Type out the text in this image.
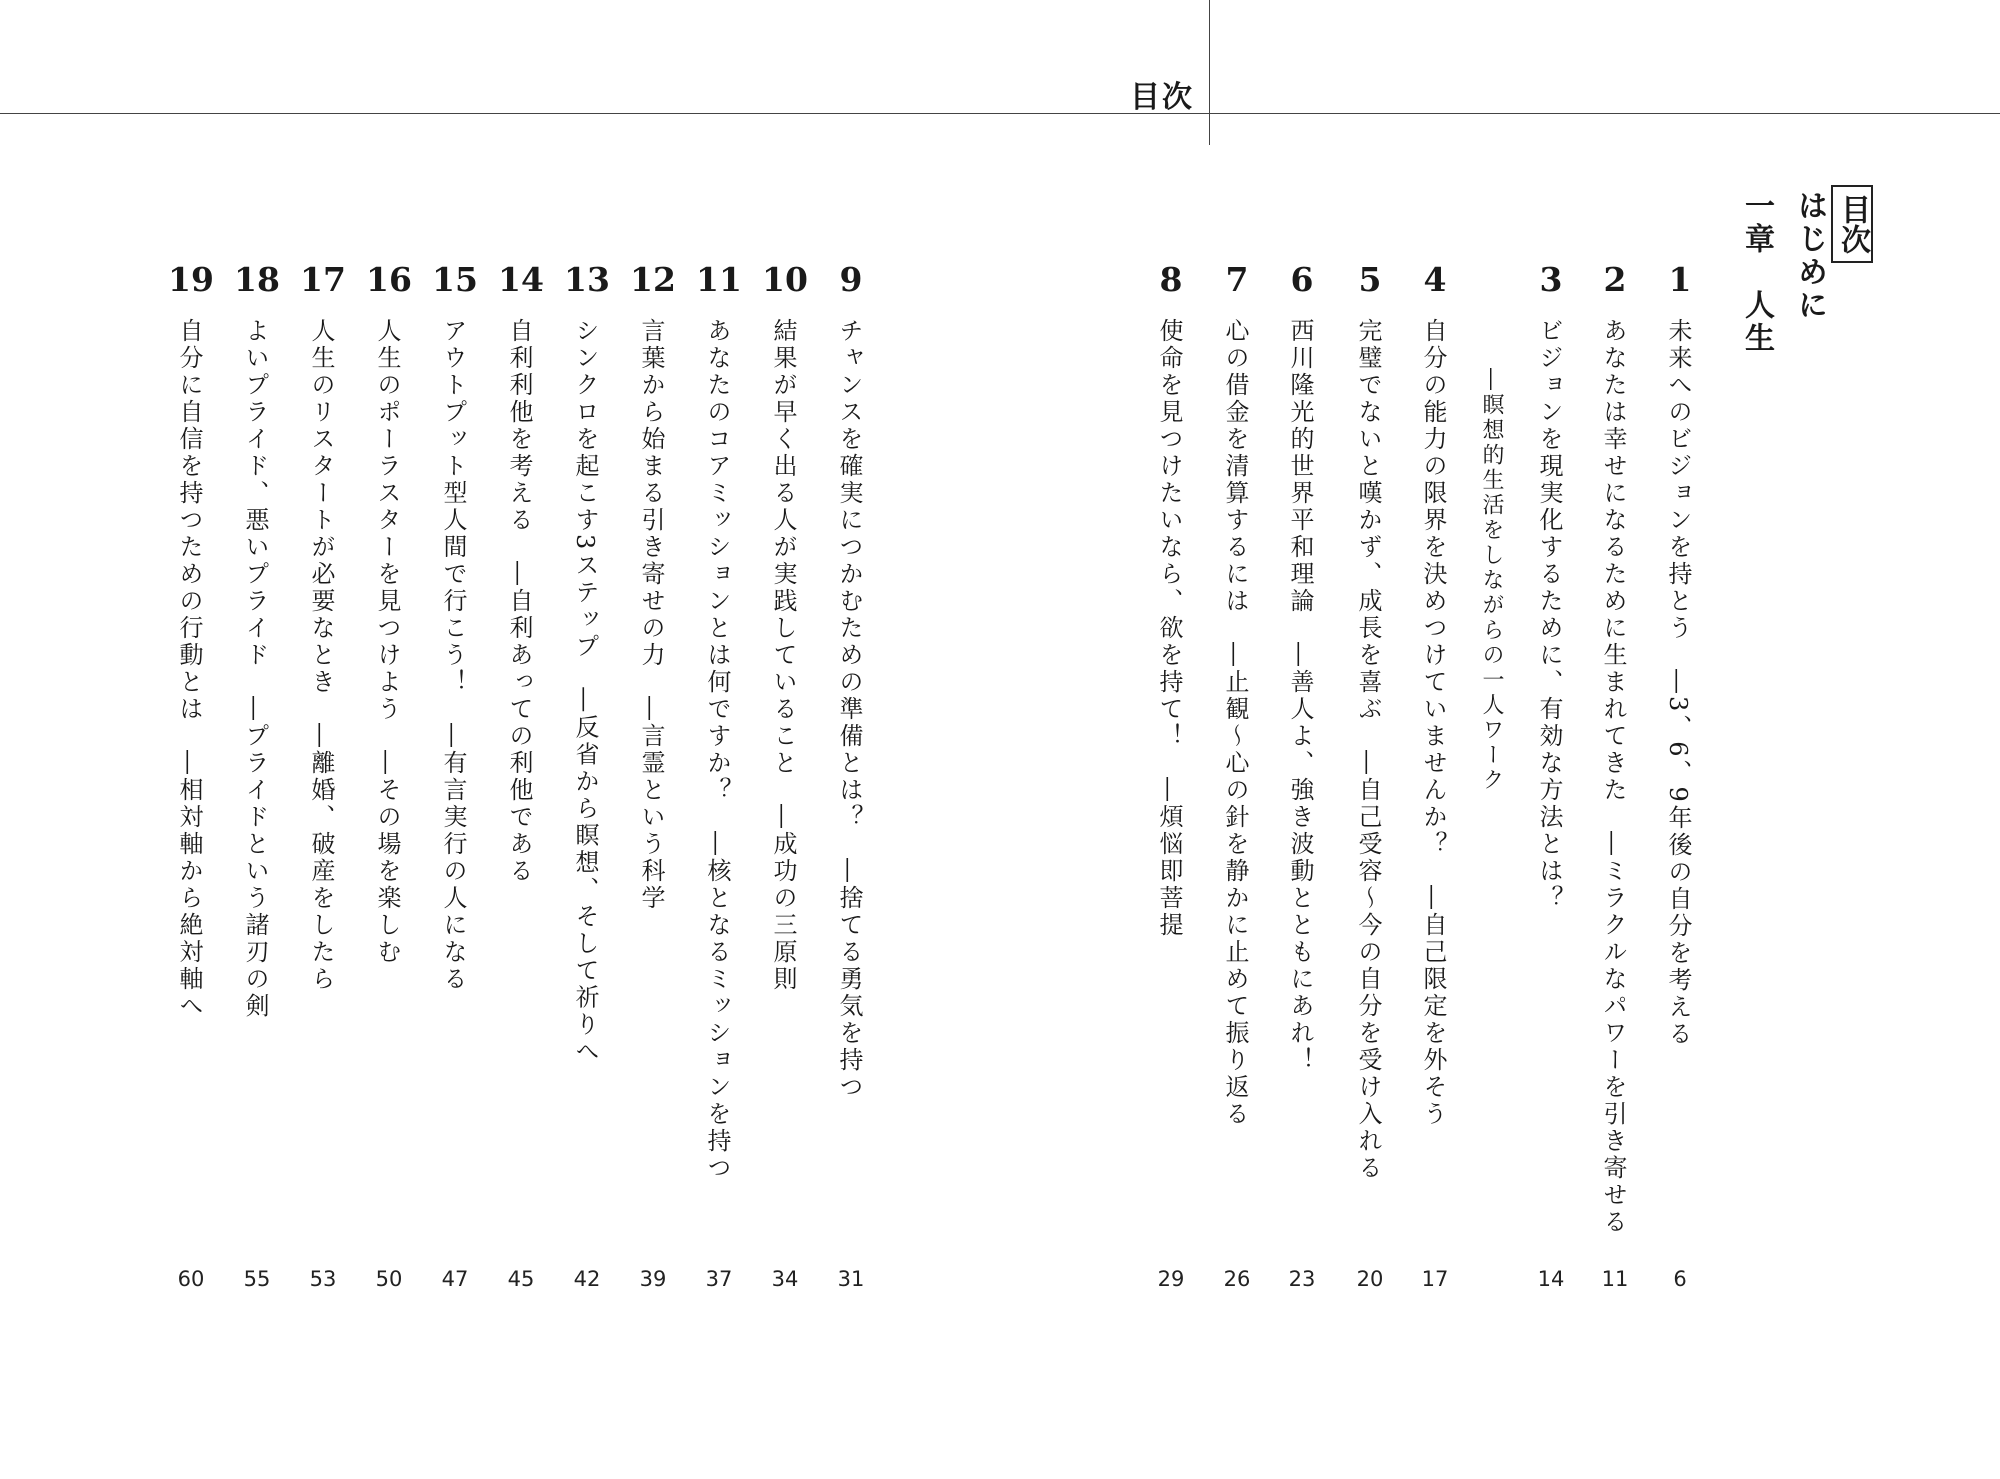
目次
目次
はじめに
一章　人生
1
未来へのビジョンを持とう　―3、6、9年後の自分を考える
6
2
あなたは幸せになるために生まれてきた　―ミラクルなパワーを引き寄せる
11
3
ビジョンを現実化するために、有効な方法とは？
―瞑想的生活をしながらの一人ワーク
14
4
自分の能力の限界を決めつけていませんか？　―自己限定を外そう
17
5
完璧でないと嘆かず、成長を喜ぶ　―自己受容～今の自分を受け入れる
20
6
西川隆光的世界平和理論　―善人よ、強き波動とともにあれ！
23
7
心の借金を清算するには　―止観～心の針を静かに止めて振り返る
26
8
使命を見つけたいなら、欲を持て！　―煩悩即菩提
29
9
チャンスを確実につかむための準備とは？　―捨てる勇気を持つ
31
10
結果が早く出る人が実践していること　―成功の三原則
34
11
あなたのコアミッションとは何ですか？　―核となるミッションを持つ
37
12
言葉から始まる引き寄せの力　―言霊という科学
39
13
シンクロを起こす3ステップ　―反省から瞑想、そして祈りへ
42
14
自利利他を考える　―自利あっての利他である
45
15
アウトプット型人間で行こう！　―有言実行の人になる
47
16
人生のポーラスターを見つけよう　―その場を楽しむ
50
17
人生のリスタートが必要なとき　―離婚、破産をしたら
53
18
よいプライド、悪いプライド　―プライドという諸刃の剣
55
19
自分に自信を持つための行動とは　―相対軸から絶対軸へ
60
